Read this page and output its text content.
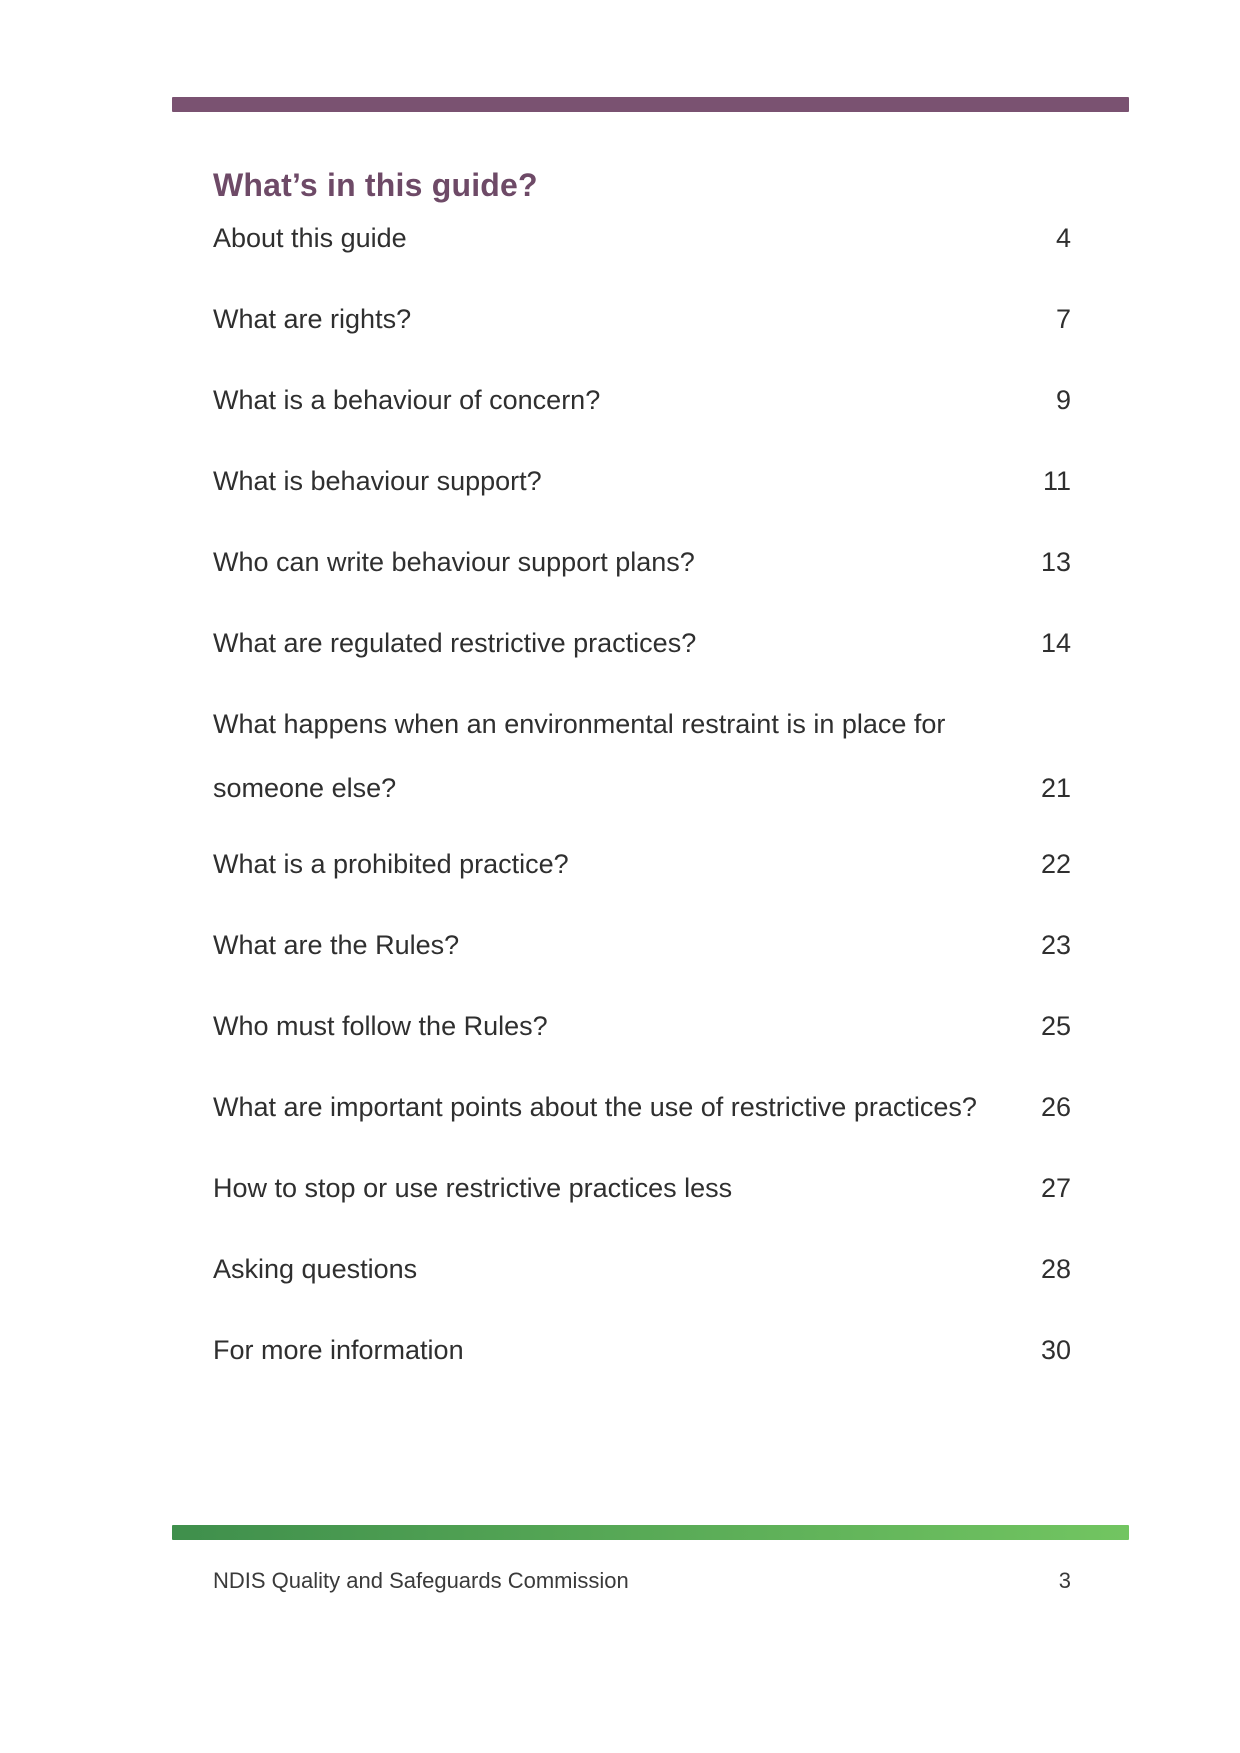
What’s in this guide?
About this guide	4
What are rights?	7
What is a behaviour of concern?	9
What is behaviour support?	11
Who can write behaviour support plans?	13
What are regulated restrictive practices?	14
What happens when an environmental restraint is in place for
someone else?	21
What is a prohibited practice?	22
What are the Rules?	23
Who must follow the Rules?	25
What are important points about the use of restrictive practices?	26
How to stop or use restrictive practices less	27
Asking questions	28
For more information	30
NDIS Quality and Safeguards Commission	3
